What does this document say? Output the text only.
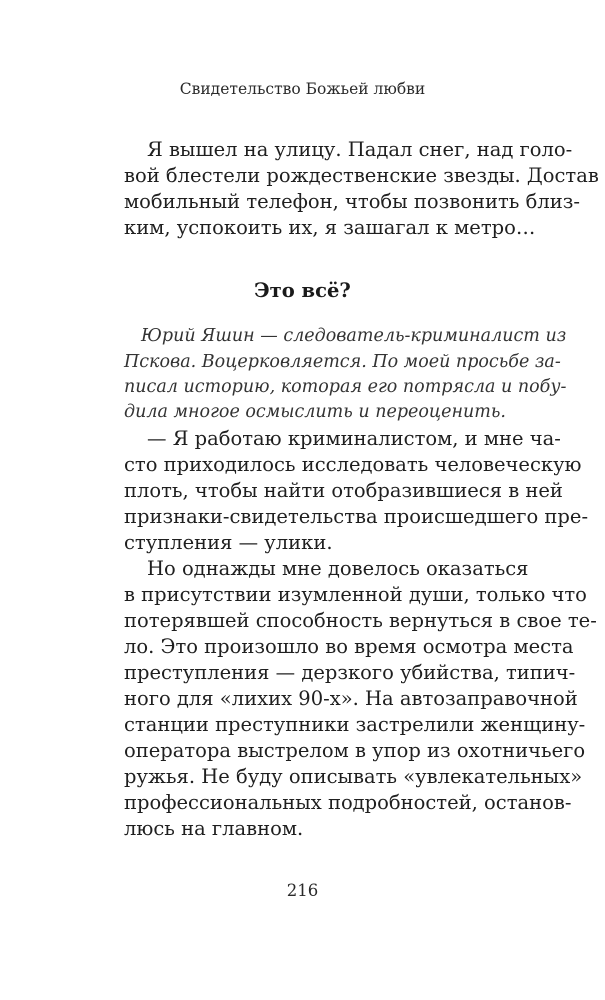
Свидетельство Божьей любви
Я вышел на улицу. Падал снег, над голо-
вой блестели рождественские звезды. Достав
мобильный телефон, чтобы позвонить близ-
ким, успокоить их, я зашагал к метро…
Это всё?
Юрий Яшин — следователь-криминалист из
Пскова. Воцерковляется. По моей просьбе за-
писал историю, которая его потрясла и побу-
дила многое осмыслить и переоценить.
— Я работаю криминалистом, и мне ча-
сто приходилось исследовать человеческую
плоть, чтобы найти отобразившиеся в ней
признаки-свидетельства происшедшего пре-
ступления — улики.
Но однажды мне довелось оказаться
в присутствии изумленной души, только что
потерявшей способность вернуться в свое те-
ло. Это произошло во время осмотра места
преступления — дерзкого убийства, типич-
ного для «лихих 90-х». На автозаправочной
станции преступники застрелили женщину-
оператора выстрелом в упор из охотничьего
ружья. Не буду описывать «увлекательных»
профессиональных подробностей, останов-
люсь на главном.
216
